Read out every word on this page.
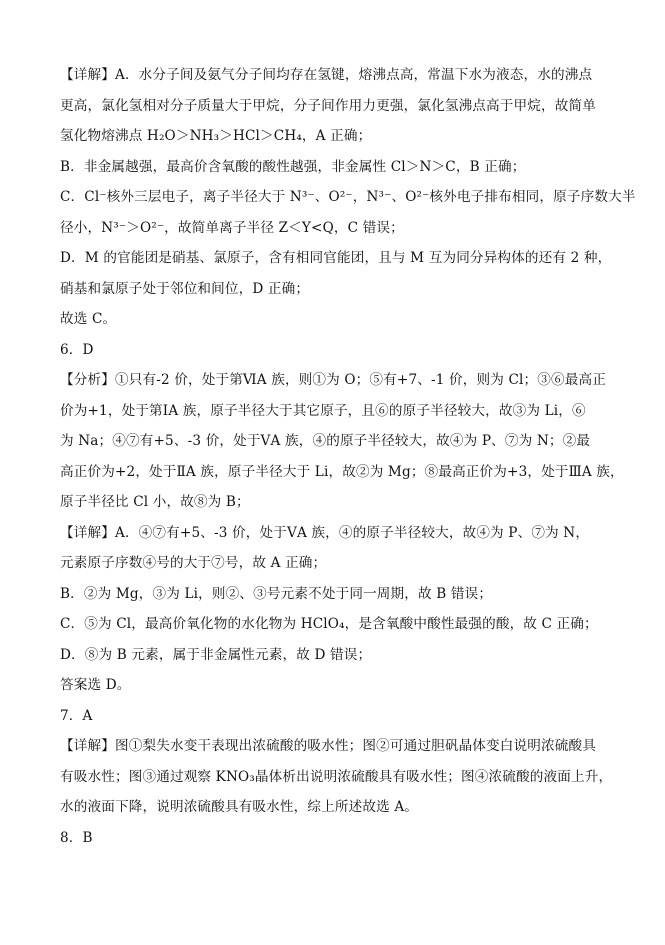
【详解】A．水分子间及氨气分子间均存在氢键，熔沸点高，常温下水为液态，水的沸点
更高，氯化氢相对分子质量大于甲烷，分子间作用力更强，氯化氢沸点高于甲烷，故简单
氢化物熔沸点 H₂O＞NH₃＞HCl＞CH₄，A 正确；
B．非金属越强，最高价含氧酸的酸性越强，非金属性 Cl＞N＞C，B 正确；
C．Cl⁻核外三层电子，离子半径大于 N³⁻、O²⁻，N³⁻、O²⁻核外电子排布相同，原子序数大半
径小，N³⁻＞O²⁻，故简单离子半径 Z＜Y<Q，C 错误；
D．M 的官能团是硝基、氯原子，含有相同官能团，且与 M 互为同分异构体的还有 2 种，
硝基和氯原子处于邻位和间位，D 正确；
故选 C。
6．D
【分析】①只有-2 价，处于第ⅥA 族，则①为 O；⑤有+7、-1 价，则为 Cl；③⑥最高正
价为+1，处于第ⅠA 族，原子半径大于其它原子，且⑥的原子半径较大，故③为 Li，⑥
为 Na；④⑦有+5、-3 价，处于ⅤA 族，④的原子半径较大，故④为 P、⑦为 N；②最
高正价为+2，处于ⅡA 族，原子半径大于 Li，故②为 Mg；⑧最高正价为+3，处于ⅢA 族，
原子半径比 Cl 小，故⑧为 B；
【详解】A．④⑦有+5、-3 价，处于ⅤA 族，④的原子半径较大，故④为 P、⑦为 N，
元素原子序数④号的大于⑦号，故 A 正确；
B．②为 Mg，③为 Li，则②、③号元素不处于同一周期，故 B 错误；
C．⑤为 Cl，最高价氧化物的水化物为 HClO₄，是含氧酸中酸性最强的酸，故 C 正确；
D．⑧为 B 元素，属于非金属性元素，故 D 错误；
答案选 D。
7．A
【详解】图①梨失水变干表现出浓硫酸的吸水性；图②可通过胆矾晶体变白说明浓硫酸具
有吸水性；图③通过观察 KNO₃晶体析出说明浓硫酸具有吸水性；图④浓硫酸的液面上升，
水的液面下降，说明浓硫酸具有吸水性，综上所述故选 A。
8．B
